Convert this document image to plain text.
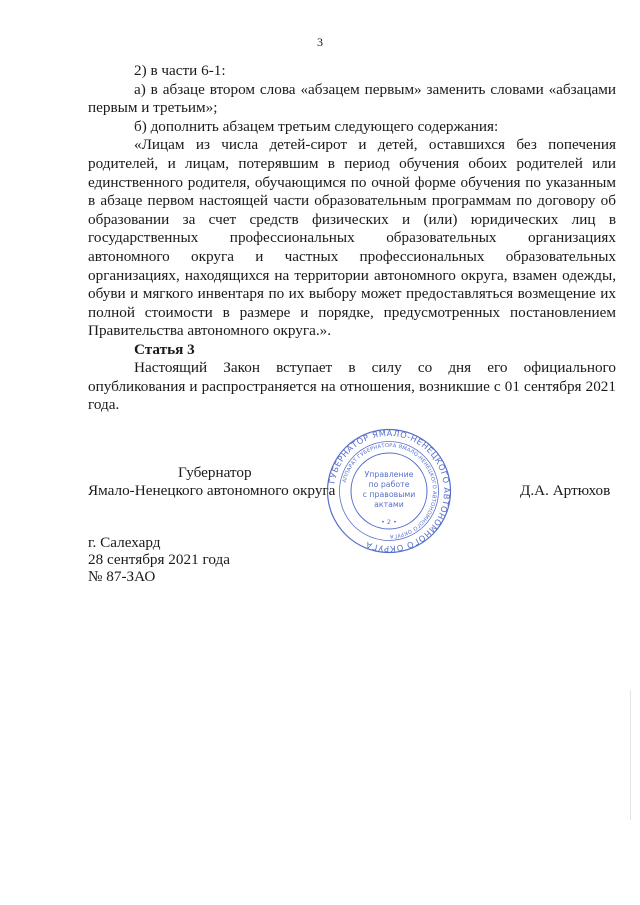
3

2) в части 6-1:

а) в абзаце втором слова «абзацем первым» заменить словами «абзацами первым и третьим»;

б) дополнить абзацем третьим следующего содержания:

«Лицам из числа детей-сирот и детей, оставшихся без попечения родителей, и лицам, потерявшим в период обучения обоих родителей или единственного родителя, обучающимся по очной форме обучения по указанным в абзаце первом настоящей части образовательным программам по договору об образовании за счет средств физических и (или) юридических лиц в государственных профессиональных образовательных организациях автономного округа и частных профессиональных образовательных организациях, находящихся на территории автономного округа, взамен одежды, обуви и мягкого инвентаря по их выбору может предоставляться возмещение их полной стоимости в размере и порядке, предусмотренных постановлением Правительства автономного округа.».

Статья 3

Настоящий Закон вступает в силу со дня его официального опубликования и распространяется на отношения, возникшие с 01 сентября 2021 года.

Губернатор
Ямало-Ненецкого автономного округа	Д.А. Артюхов
ГУБЕРНАТОР ЯМАЛО-НЕНЕЦКОГО АВТОНОМНОГО ОКРУГА
АППАРАТ ГУБЕРНАТОРА ЯМАЛО-НЕНЕЦКОГО АВТОНОМНОГО ОКРУГА
Управление
по работе
с правовыми
актами
• 2 •
г. Салехард
28 сентября 2021 года
№ 87-ЗАО
